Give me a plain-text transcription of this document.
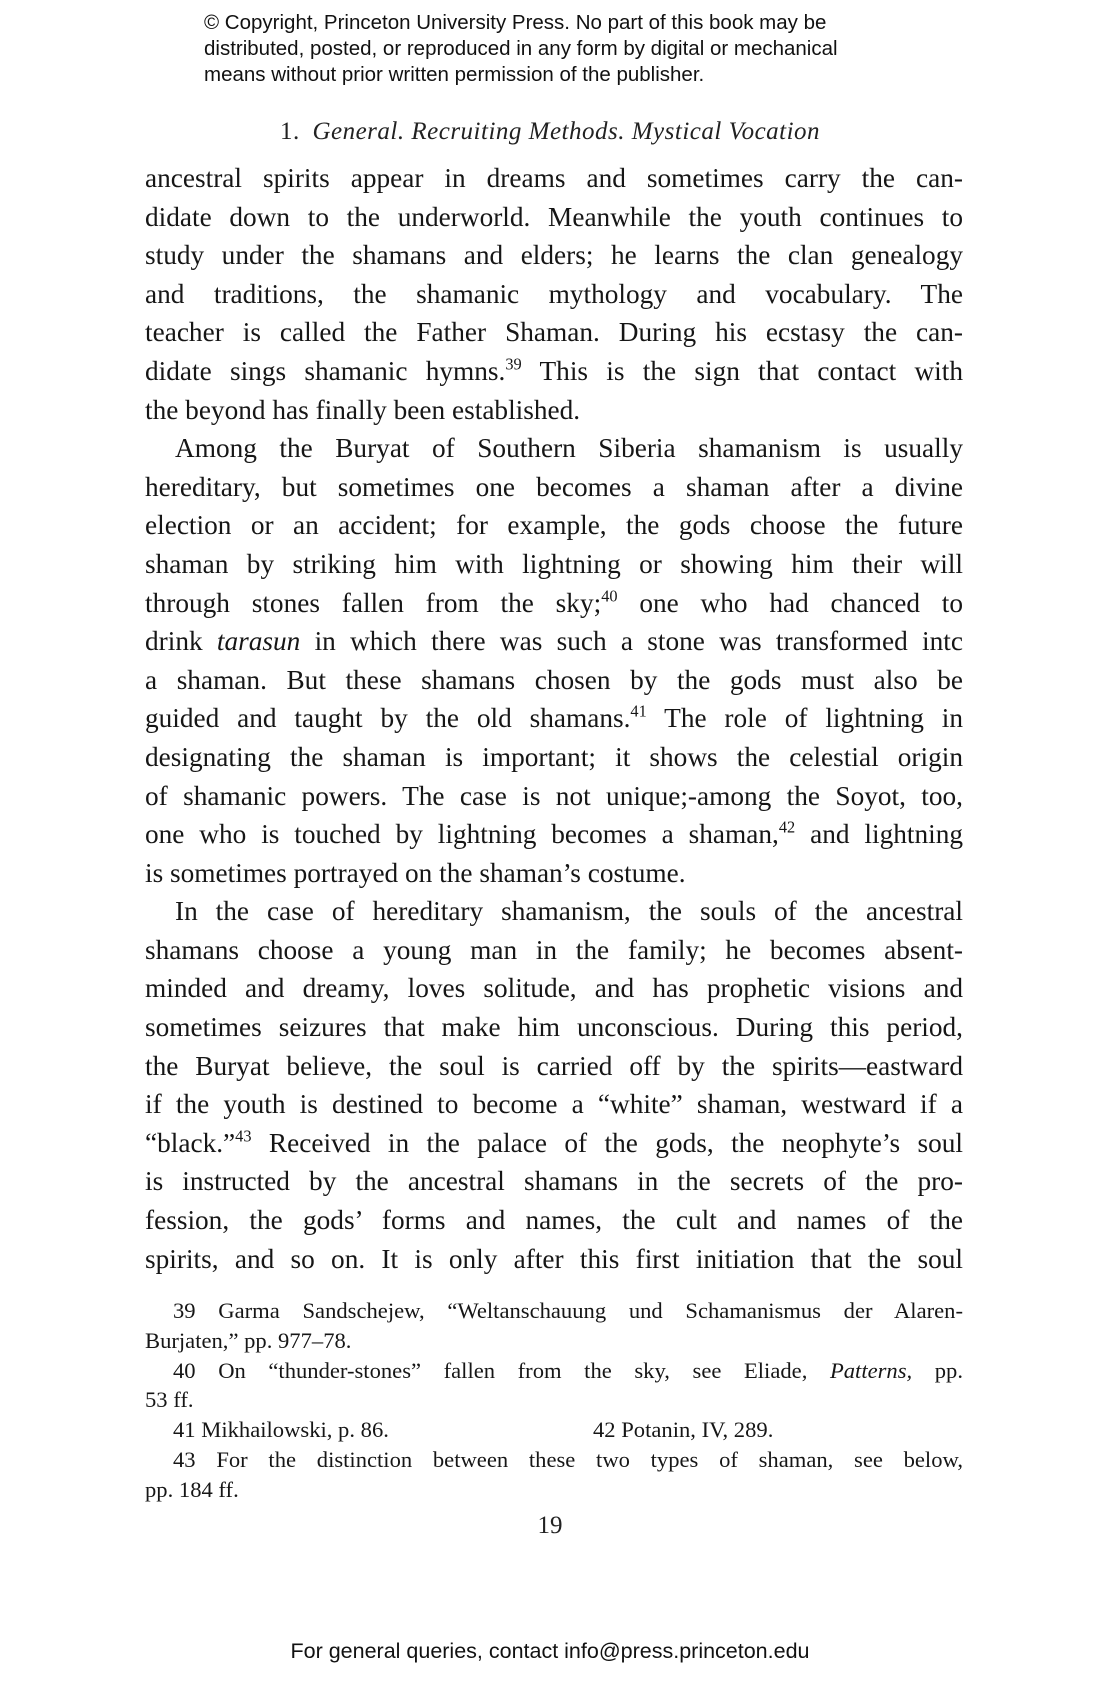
© Copyright, Princeton University Press. No part of this book may be
distributed, posted, or reproduced in any form by digital or mechanical
means without prior written permission of the publisher.
1. General. Recruiting Methods. Mystical Vocation
ancestral spirits appear in dreams and sometimes carry the can-
didate down to the underworld. Meanwhile the youth continues to
study under the shamans and elders; he learns the clan genealogy
and traditions, the shamanic mythology and vocabulary. The
teacher is called the Father Shaman. During his ecstasy the can-
didate sings shamanic hymns.$^{39}$ This is the sign that contact with
the beyond has finally been established.
Among the Buryat of Southern Siberia shamanism is usually
hereditary, but sometimes one becomes a shaman after a divine
election or an accident; for example, the gods choose the future
shaman by striking him with lightning or showing him their will
through stones fallen from the sky;$^{40}$ one who had chanced to
drink tarasun in which there was such a stone was transformed intc
a shaman. But these shamans chosen by the gods must also be
guided and taught by the old shamans.$^{41}$ The role of lightning in
designating the shaman is important; it shows the celestial origin
of shamanic powers. The case is not unique;-among the Soyot, too,
one who is touched by lightning becomes a shaman,$^{42}$ and lightning
is sometimes portrayed on the shaman’s costume.
In the case of hereditary shamanism, the souls of the ancestral
shamans choose a young man in the family; he becomes absent-
minded and dreamy, loves solitude, and has prophetic visions and
sometimes seizures that make him unconscious. During this period,
the Buryat believe, the soul is carried off by the spirits—eastward
if the youth is destined to become a “white” shaman, westward if a
“black.”$^{43}$ Received in the palace of the gods, the neophyte’s soul
is instructed by the ancestral shamans in the secrets of the pro-
fession, the gods’ forms and names, the cult and names of the
spirits, and so on. It is only after this first initiation that the soul
39 Garma Sandschejew, “Weltanschauung und Schamanismus der Alaren-
Burjaten,” pp. 977–78.
40 On “thunder-stones” fallen from the sky, see Eliade, Patterns, pp.
53 ff.
41 Mikhailowski, p. 86.	42 Potanin, IV, 289.
43 For the distinction between these two types of shaman, see below,
pp. 184 ff.
19
For general queries, contact info@press.princeton.edu
